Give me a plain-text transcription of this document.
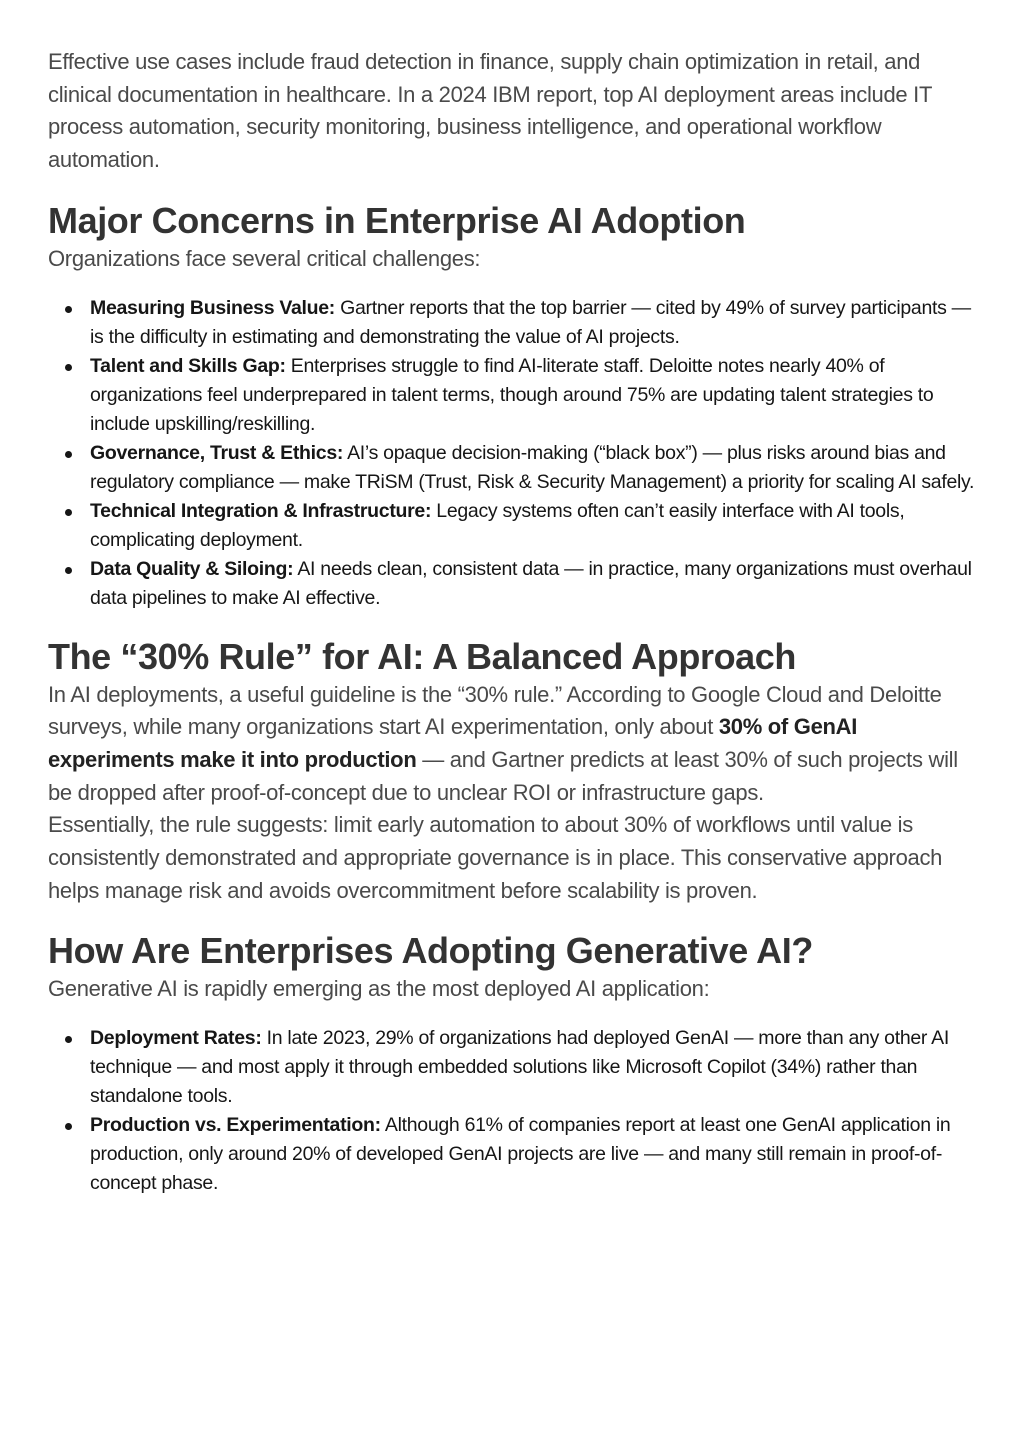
Effective use cases include fraud detection in finance, supply chain optimization in retail, and clinical documentation in healthcare. In a 2024 IBM report, top AI deployment areas include IT process automation, security monitoring, business intelligence, and operational workflow automation.

Major Concerns in Enterprise AI Adoption

Organizations face several critical challenges:

Measuring Business Value: Gartner reports that the top barrier — cited by 49% of survey participants — is the difficulty in estimating and demonstrating the value of AI projects.
Talent and Skills Gap: Enterprises struggle to find AI-literate staff. Deloitte notes nearly 40% of organizations feel underprepared in talent terms, though around 75% are updating talent strategies to include upskilling/reskilling.
Governance, Trust & Ethics: AI’s opaque decision-making (“black box”) — plus risks around bias and regulatory compliance — make TRiSM (Trust, Risk & Security Management) a priority for scaling AI safely.
Technical Integration & Infrastructure: Legacy systems often can’t easily interface with AI tools, complicating deployment.
Data Quality & Siloing: AI needs clean, consistent data — in practice, many organizations must overhaul data pipelines to make AI effective.
The “30% Rule” for AI: A Balanced Approach

In AI deployments, a useful guideline is the “30% rule.” According to Google Cloud and Deloitte surveys, while many organizations start AI experimentation, only about 30% of GenAI experiments make it into production — and Gartner predicts at least 30% of such projects will be dropped after proof-of-concept due to unclear ROI or infrastructure gaps.

Essentially, the rule suggests: limit early automation to about 30% of workflows until value is consistently demonstrated and appropriate governance is in place. This conservative approach helps manage risk and avoids overcommitment before scalability is proven.

How Are Enterprises Adopting Generative AI?

Generative AI is rapidly emerging as the most deployed AI application:

Deployment Rates: In late 2023, 29% of organizations had deployed GenAI — more than any other AI technique — and most apply it through embedded solutions like Microsoft Copilot (34%) rather than standalone tools.
Production vs. Experimentation: Although 61% of companies report at least one GenAI application in production, only around 20% of developed GenAI projects are live — and many still remain in proof-of-concept phase.
